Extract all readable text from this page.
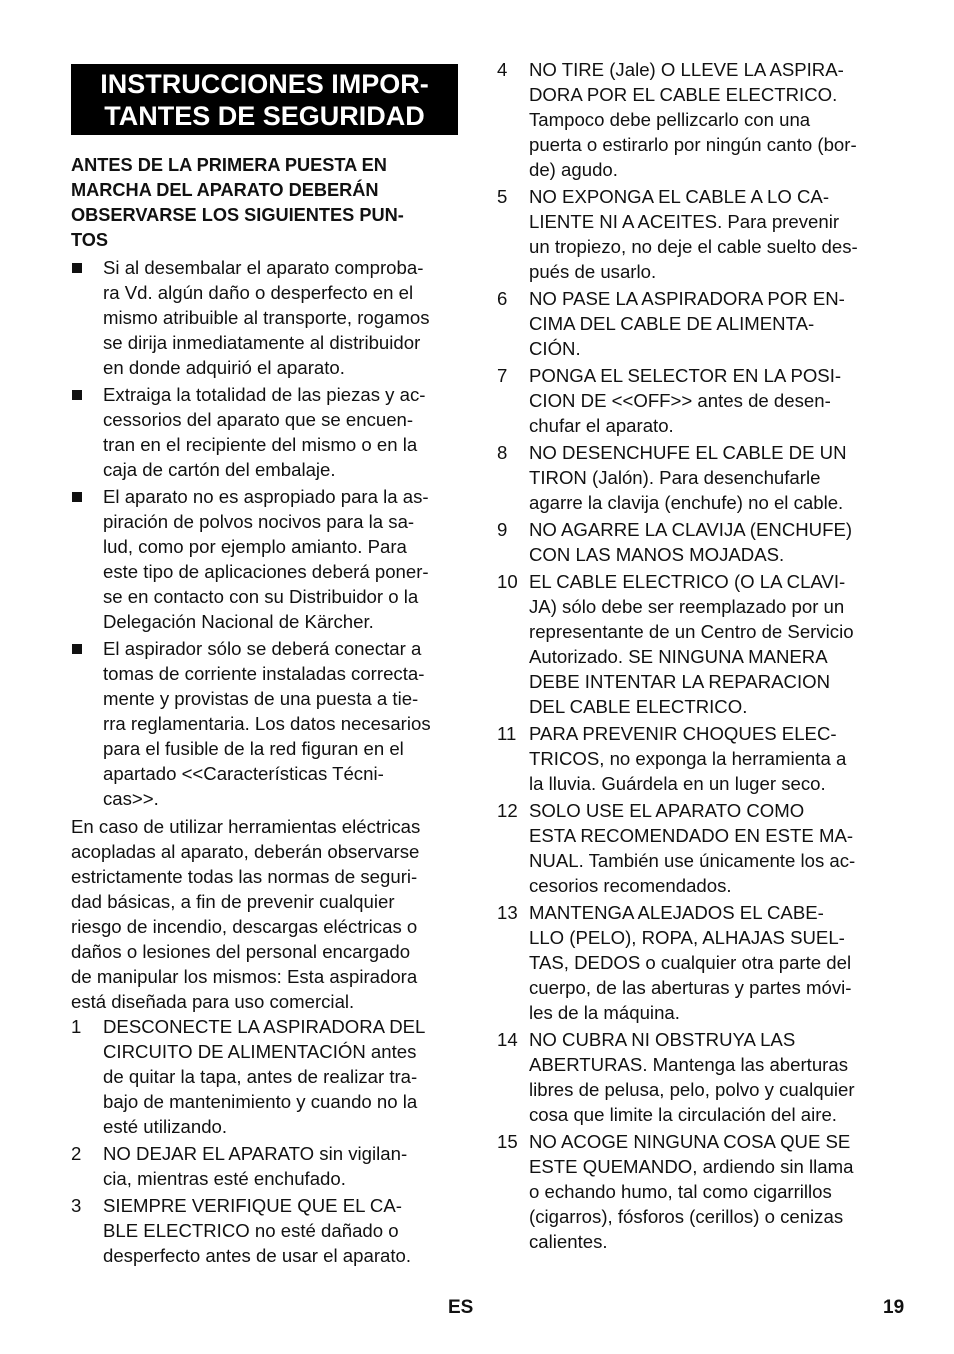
INSTRUCCIONES IMPOR-
TANTES DE SEGURIDAD
ANTES DE LA PRIMERA PUESTA EN
MARCHA DEL APARATO DEBERÁN
OBSERVARSE LOS SIGUIENTES PUN-
TOS
Si al desembalar el aparato comproba-
ra Vd. algún daño o desperfecto en el
mismo atribuible al transporte, rogamos
se dirija inmediatamente al distribuidor
en donde adquirió el aparato.
Extraiga la totalidad de las piezas y ac-
cessorios del aparato que se encuen-
tran en el recipiente del mismo o en la
caja de cartón del embalaje.
El aparato no es aspropiado para la as-
piración de polvos nocivos para la sa-
lud, como por ejemplo amianto. Para
este tipo de aplicaciones deberá poner-
se en contacto con su Distribuidor o la
Delegación Nacional de Kärcher.
El aspirador sólo se deberá conectar a
tomas de corriente instaladas correcta-
mente y provistas de una puesta a tie-
rra reglamentaria. Los datos necesarios
para el fusible de la red figuran en el
apartado <<Características Técni-
cas>>.
En caso de utilizar herramientas eléctricas
acopladas al aparato, deberán observarse
estrictamente todas las normas de seguri-
dad básicas, a fin de prevenir cualquier
riesgo de incendio, descargas eléctricas o
daños o lesiones del personal encargado
de manipular los mismos: Esta aspiradora
está diseñada para uso comercial.
1 DESCONECTE LA ASPIRADORA DEL
CIRCUITO DE ALIMENTACIÓN antes
de quitar la tapa, antes de realizar tra-
bajo de mantenimiento y cuando no la
esté utilizando.
2 NO DEJAR EL APARATO sin vigilan-
cia, mientras esté enchufado.
3 SIEMPRE VERIFIQUE QUE EL CA-
BLE ELECTRICO no esté dañado o
desperfecto antes de usar el aparato.
4 NO TIRE (Jale) O LLEVE LA ASPIRA-
DORA POR EL CABLE ELECTRICO.
Tampoco debe pellizcarlo con una
puerta o estirarlo por ningún canto (bor-
de) agudo.
5 NO EXPONGA EL CABLE A LO CA-
LIENTE NI A ACEITES. Para prevenir
un tropiezo, no deje el cable suelto des-
pués de usarlo.
6 NO PASE LA ASPIRADORA POR EN-
CIMA DEL CABLE DE ALIMENTA-
CIÓN.
7 PONGA EL SELECTOR EN LA POSI-
CION DE <<OFF>> antes de desen-
chufar el aparato.
8 NO DESENCHUFE EL CABLE DE UN
TIRON (Jalón). Para desenchufarle
agarre la clavija (enchufe) no el cable.
9 NO AGARRE LA CLAVIJA (ENCHUFE)
CON LAS MANOS MOJADAS.
10 EL CABLE ELECTRICO (O LA CLAVI-
JA) sólo debe ser reemplazado por un
representante de un Centro de Servicio
Autorizado. SE NINGUNA MANERA
DEBE INTENTAR LA REPARACION
DEL CABLE ELECTRICO.
11 PARA PREVENIR CHOQUES ELEC-
TRICOS, no exponga la herramienta a
la lluvia. Guárdela en un luger seco.
12 SOLO USE EL APARATO COMO
ESTA RECOMENDADO EN ESTE MA-
NUAL. También use únicamente los ac-
cesorios recomendados.
13 MANTENGA ALEJADOS EL CABE-
LLO (PELO), ROPA, ALHAJAS SUEL-
TAS, DEDOS o cualquier otra parte del
cuerpo, de las aberturas y partes móvi-
les de la máquina.
14 NO CUBRA NI OBSTRUYA LAS
ABERTURAS. Mantenga las aberturas
libres de pelusa, pelo, polvo y cualquier
cosa que limite la circulación del aire.
15 NO ACOGE NINGUNA COSA QUE SE
ESTE QUEMANDO, ardiendo sin llama
o echando humo, tal como cigarrillos
(cigarros), fósforos (cerillos) o cenizas
calientes.
ES	19
